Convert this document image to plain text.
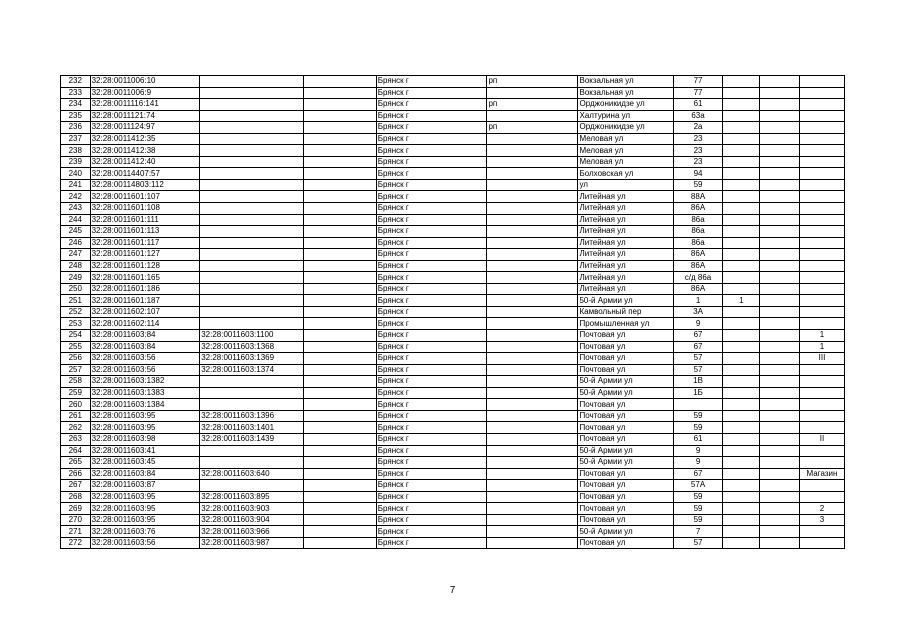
232	32:28:0011006:10			Брянск г	рп	Вокзальная ул	77			
233	32:28:0011006:9			Брянск г		Вокзальная ул	77			
234	32:28:0011116:141			Брянск г	рп	Орджоникидзе ул	61			
235	32:28:0011121:74			Брянск г		Халтурина ул	63а			
236	32:28:0011124:97			Брянск г	рп	Орджоникидзе ул	2а			
237	32:28:0011412:35			Брянск г		Меловая ул	23			
238	32:28:0011412:38			Брянск г		Меловая ул	23			
239	32:28:0011412:40			Брянск г		Меловая ул	23			
240	32:28:00114407:57			Брянск г		Болховская ул	94			
241	32:28:00114803:112			Брянск г		ул	59			
242	32:28:0011601:107			Брянск г		Литейная ул	88А			
243	32:28:0011601:108			Брянск г		Литейная ул	86А			
244	32:28:0011601:111			Брянск г		Литейная ул	86а			
245	32:28:0011601:113			Брянск г		Литейная ул	86а			
246	32:28:0011601:117			Брянск г		Литейная ул	86а			
247	32:28:0011601:127			Брянск г		Литейная ул	86А			
248	32:28:0011601:128			Брянск г		Литейная ул	86А			
249	32:28:0011601:165			Брянск г		Литейная ул	с/д 86а			
250	32:28:0011601:186			Брянск г		Литейная ул	86А			
251	32:28:0011601:187			Брянск г		50-й Армии ул	1	1		
252	32:28:0011602:107			Брянск г		Камвольный пер	3А			
253	32:28:0011602:114			Брянск г		Промышленная ул	9			
254	32:28:0011603:84	32:28:0011603:1100		Брянск г		Почтовая ул	67			1
255	32:28:0011603:84	32:28:0011603:1368		Брянск г		Почтовая ул	67			1
256	32:28:0011603:56	32:28:0011603:1369		Брянск г		Почтовая ул	57			III
257	32:28:0011603:56	32:28:0011603:1374		Брянск г		Почтовая ул	57			
258	32:28:0011603:1382			Брянск г		50-й Армии ул	1В			
259	32:28:0011603:1383			Брянск г		50-й Армии ул	1Б			
260	32:28:0011603:1384			Брянск г		Почтовая ул				
261	32:28:0011603:95	32:28:0011603:1396		Брянск г		Почтовая ул	59			
262	32:28:0011603:95	32:28:0011603:1401		Брянск г		Почтовая ул	59			
263	32:28:0011603:98	32:28:0011603:1439		Брянск г		Почтовая ул	61			II
264	32:28:0011603:41			Брянск г		50-й Армии ул	9			
265	32:28:0011603:45			Брянск г		50-й Армии ул	9			
266	32:28:0011603:84	32:28:0011603:640		Брянск г		Почтовая ул	67			Магазин
267	32:28:0011603:87			Брянск г		Почтовая ул	57А			
268	32:28:0011603:95	32:28:0011603:895		Брянск г		Почтовая ул	59			
269	32:28:0011603:95	32:28:0011603:903		Брянск г		Почтовая ул	59			2
270	32:28:0011603:95	32:28:0011603:904		Брянск г		Почтовая ул	59			3
271	32:28:0011603:76	32:28:0011603:966		Брянск г		50-й Армии ул	7			
272	32:28:0011603:56	32:28:0011603:987		Брянск г		Почтовая ул	57			
7
